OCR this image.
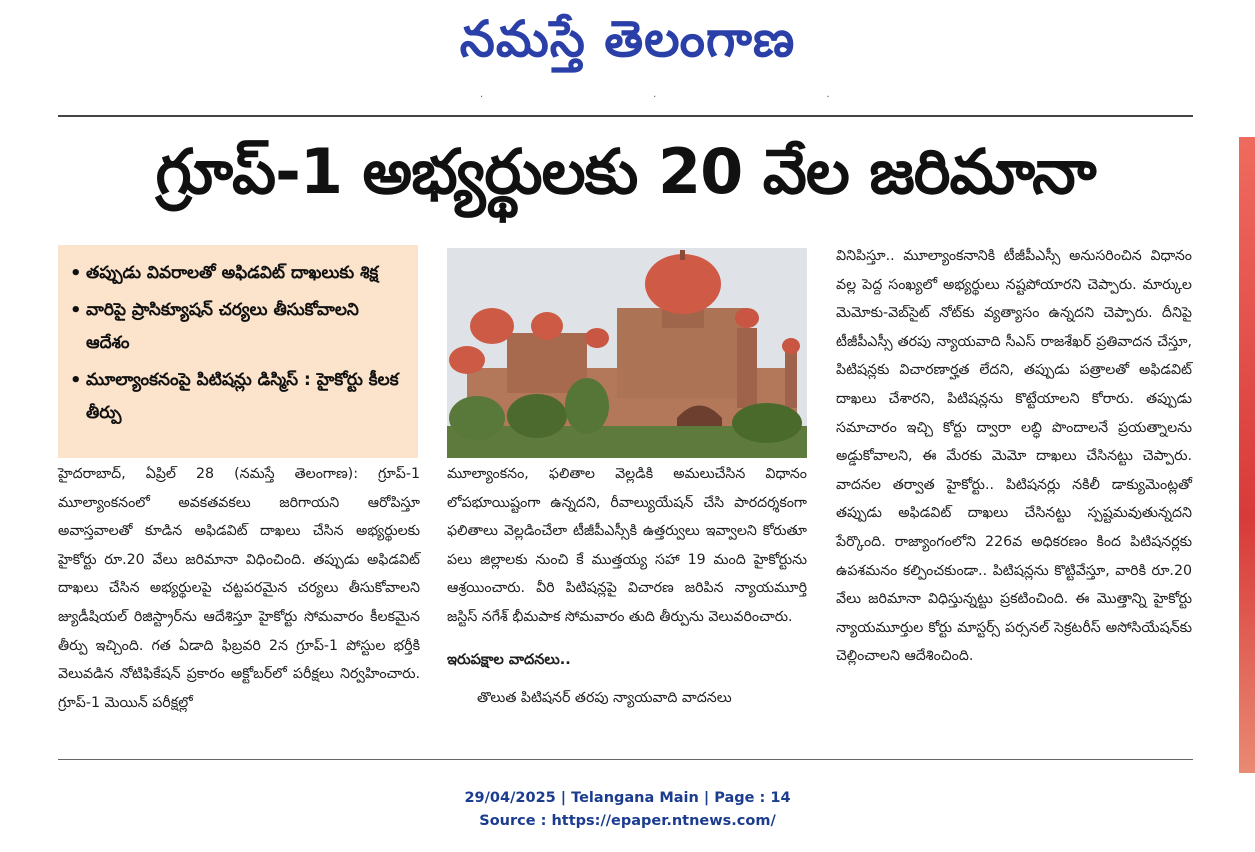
నమస్తే తెలంగాణ
···
గ్రూప్-1 అభ్యర్థులకు 20 వేల జరిమానా
• తప్పుడు వివరాలతో అఫిడవిట్ దాఖలుకు శిక్ష
• వారిపై ప్రాసిక్యూషన్ చర్యలు తీసుకోవాలని ఆదేశం
• మూల్యాంకనంపై పిటిషన్లు డిస్మిస్ : హైకోర్టు కీలక తీర్పు

హైదరాబాద్, ఏప్రిల్ 28 (నమస్తే తెలంగాణ): గ్రూప్-1 మూల్యాంకనంలో అవకతవకలు జరిగాయని ఆరోపిస్తూ అవాస్తవాలతో కూడిన అఫిడవిట్ దాఖలు చేసిన అభ్యర్థులకు హైకోర్టు రూ.20 వేలు జరిమానా విధించింది. తప్పుడు అఫిడవిట్ దాఖలు చేసిన అభ్యర్థులపై చట్టపరమైన చర్యలు తీసుకోవాలని జ్యుడీషియల్ రిజిస్ట్రార్‌ను ఆదేశిస్తూ హైకోర్టు సోమవారం కీలకమైన తీర్పు ఇచ్చింది. గత ఏడాది ఫిబ్రవరి 2న గ్రూప్-1 పోస్టుల భర్తీకి వెలువడిన నోటిఫికేషన్ ప్రకారం అక్టోబర్‌లో పరీక్షలు నిర్వహించారు. గ్రూప్-1 మెయిన్ పరీక్షల్లో

మూల్యాంకనం, ఫలితాల వెల్లడికి అమలుచేసిన విధానం లోపభూయిష్టంగా ఉన్నదని, రీవాల్యుయేషన్ చేసి పారదర్శకంగా ఫలితాలు వెల్లడించేలా టీజీపీఎస్సీకి ఉత్తర్వులు ఇవ్వాలని కోరుతూ పలు జిల్లాలకు నుంచి కే ముత్తయ్య సహా 19 మంది హైకోర్టును ఆశ్రయించారు. వీరి పిటిషన్లపై విచారణ జరిపిన న్యాయమూర్తి జస్టిస్ నగేశ్ భీమపాక సోమవారం తుది తీర్పును వెలువరించారు.

ఇరుపక్షాల వాదనలు..

తొలుత పిటిషనర్ తరపు న్యాయవాది వాదనలు

వినిపిస్తూ.. మూల్యాంకనానికి టీజీపీఎస్సీ అనుసరించిన విధానం వల్ల పెద్ద సంఖ్యలో అభ్యర్థులు నష్టపోయారని చెప్పారు. మార్కుల మెమోకు-వెబ్‌సైట్ నోట్‌కు వ్యత్యాసం ఉన్నదని చెప్పారు. దీనిపై టీజీపీఎస్సీ తరపు న్యాయవాది సీఎస్ రాజశేఖర్ ప్రతివాదన చేస్తూ, పిటిషన్లకు విచారణార్హత లేదని, తప్పుడు పత్రాలతో అఫిడవిట్ దాఖలు చేశారని, పిటిషన్లను కొట్టేయాలని కోరారు. తప్పుడు సమాచారం ఇచ్చి కోర్టు ద్వారా లబ్ధి పొందాలనే ప్రయత్నాలను అడ్డుకోవాలని, ఈ మేరకు మెమో దాఖలు చేసినట్టు చెప్పారు. వాదనల తర్వాత హైకోర్టు.. పిటిషనర్లు నకిలీ డాక్యుమెంట్లతో తప్పుడు అఫిడవిట్ దాఖలు చేసినట్టు స్పష్టమవుతున్నదని పేర్కొంది. రాజ్యాంగంలోని 226వ అధికరణం కింద పిటిషనర్లకు ఉపశమనం కల్పించకుండా.. పిటిషన్లను కొట్టివేస్తూ, వారికి రూ.20 వేలు జరిమానా విధిస్తున్నట్టు ప్రకటించింది. ఈ మొత్తాన్ని హైకోర్టు న్యాయమూర్తుల కోర్టు మాస్టర్స్ పర్సనల్ సెక్రటరీస్ అసోసియేషన్‌కు చెల్లించాలని ఆదేశించింది.

29/04/2025 | Telangana Main | Page : 14
Source : https://epaper.ntnews.com/
